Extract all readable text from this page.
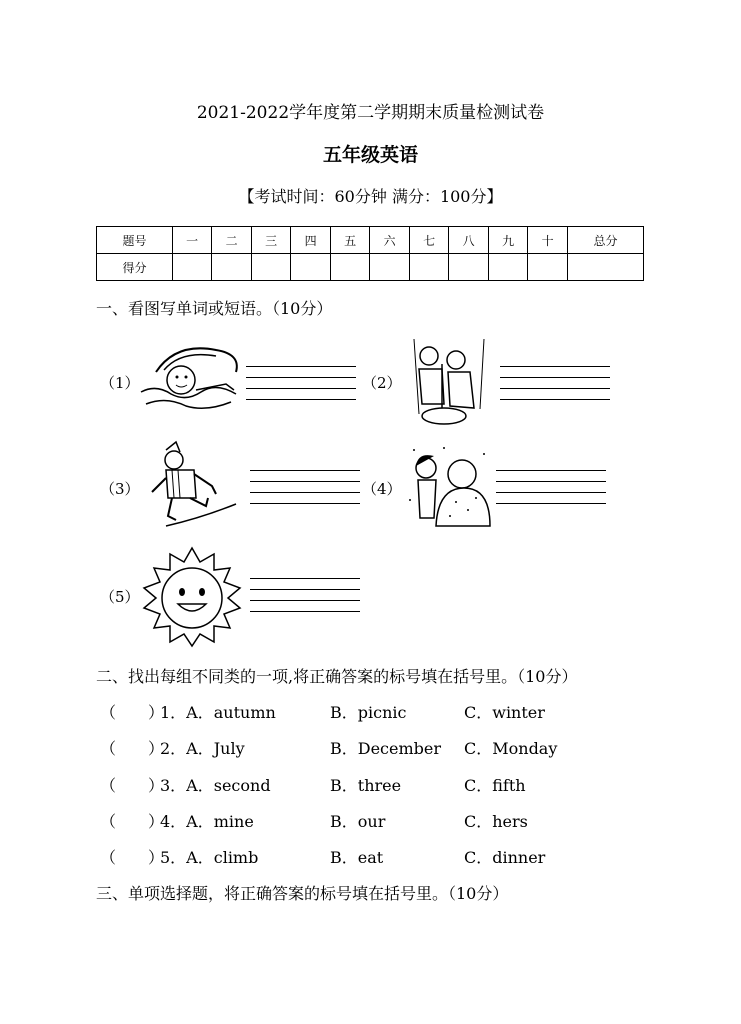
2021-2022学年度第二学期期末质量检测试卷
五年级英语
【考试时间：60分钟 满分：100分】
题号	一	二	三	四	五	六	七	八	九	十	总分
得分											
一、看图写单词或短语。（10分）
（1）	（2）
（3）	（4）
（5）
二、找出每组不同类的一项,将正确答案的标号填在括号里。（10分）
（　　）
1．A．autumn	B．picnic	C．winter
（　　）
2．A．July	B．December C．Monday
（　　）
3．A．second	B．three	C．fifth
（　　）
4．A．mine	B．our	C．hers
（　　）
5．A．climb	B．eat	C．dinner
三、单项选择题，将正确答案的标号填在括号里。（10分）
